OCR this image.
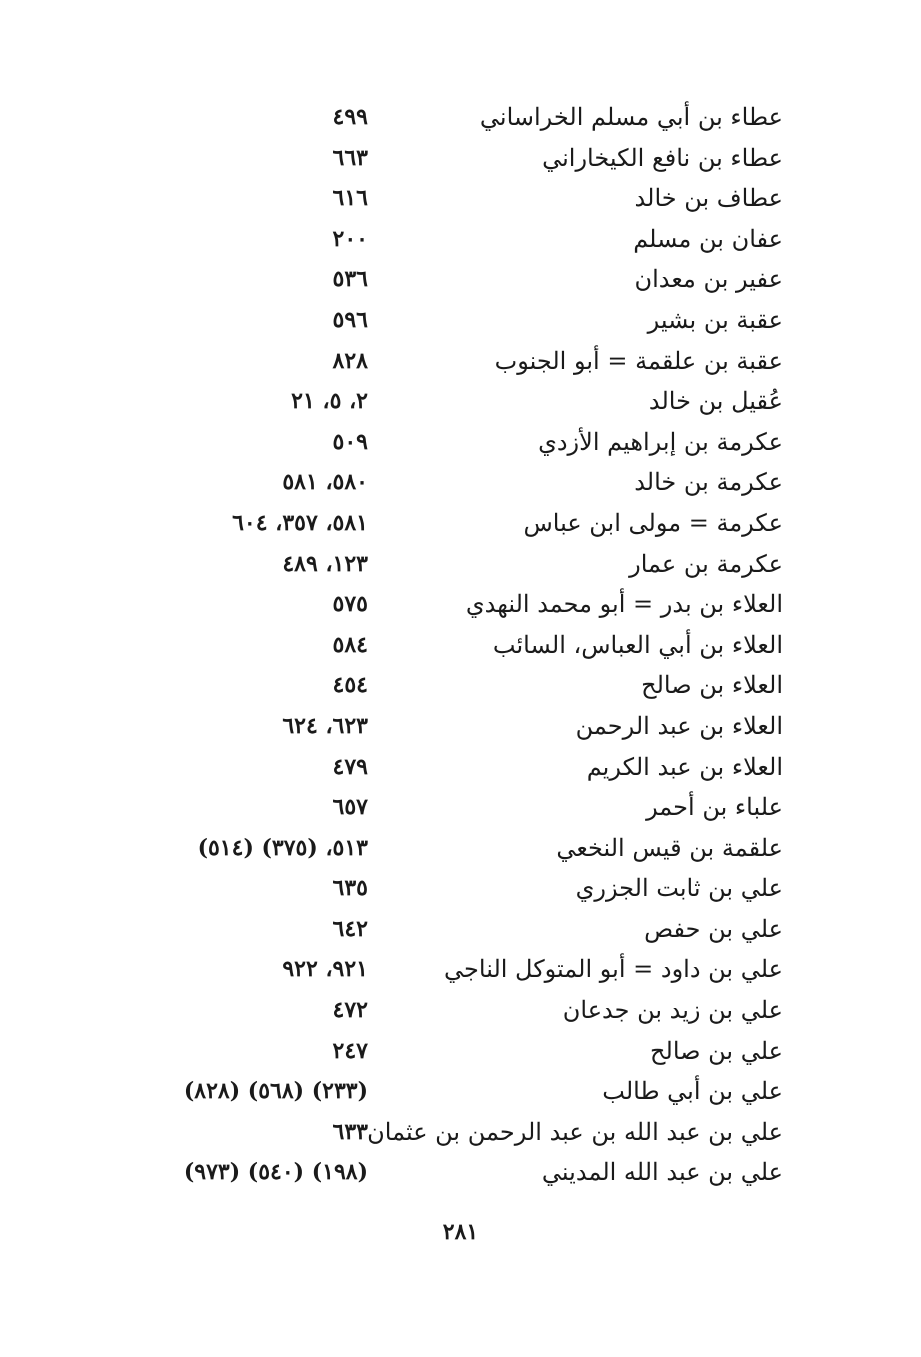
عطاء بن أبي مسلم الخراساني
٤٩٩
عطاء بن نافع الكيخاراني
٦٦٣
عطاف بن خالد
٦١٦
عفان بن مسلم
٢٠٠
عفير بن معدان
٥٣٦
عقبة بن بشير
٥٩٦
عقبة بن علقمة = أبو الجنوب
٨٢٨
عُقيل بن خالد
٢، ٥، ٢١
عكرمة بن إبراهيم الأزدي
٥٠٩
عكرمة بن خالد
٥٨٠، ٥٨١
عكرمة = مولى ابن عباس
٥٨١، ٣٥٧، ٦٠٤
عكرمة بن عمار
١٢٣، ٤٨٩
العلاء بن بدر = أبو محمد النهدي
٥٧٥
العلاء بن أبي العباس، السائب
٥٨٤
العلاء بن صالح
٤٥٤
العلاء بن عبد الرحمن
٦٢٣، ٦٢٤
العلاء بن عبد الكريم
٤٧٩
علباء بن أحمر
٦٥٧
علقمة بن قيس النخعي
٥١٣، (٣٧٥) (٥١٤)
علي بن ثابت الجزري
٦٣٥
علي بن حفص
٦٤٢
علي بن داود = أبو المتوكل الناجي
٩٢١، ٩٢٢
علي بن زيد بن جدعان
٤٧٢
علي بن صالح
٢٤٧
علي بن أبي طالب
(٢٣٣) (٥٦٨) (٨٢٨)
علي بن عبد الله بن عبد الرحمن بن عثمان
٦٣٣
علي بن عبد الله المديني
(١٩٨) (٥٤٠) (٩٧٣)
٢٨١
